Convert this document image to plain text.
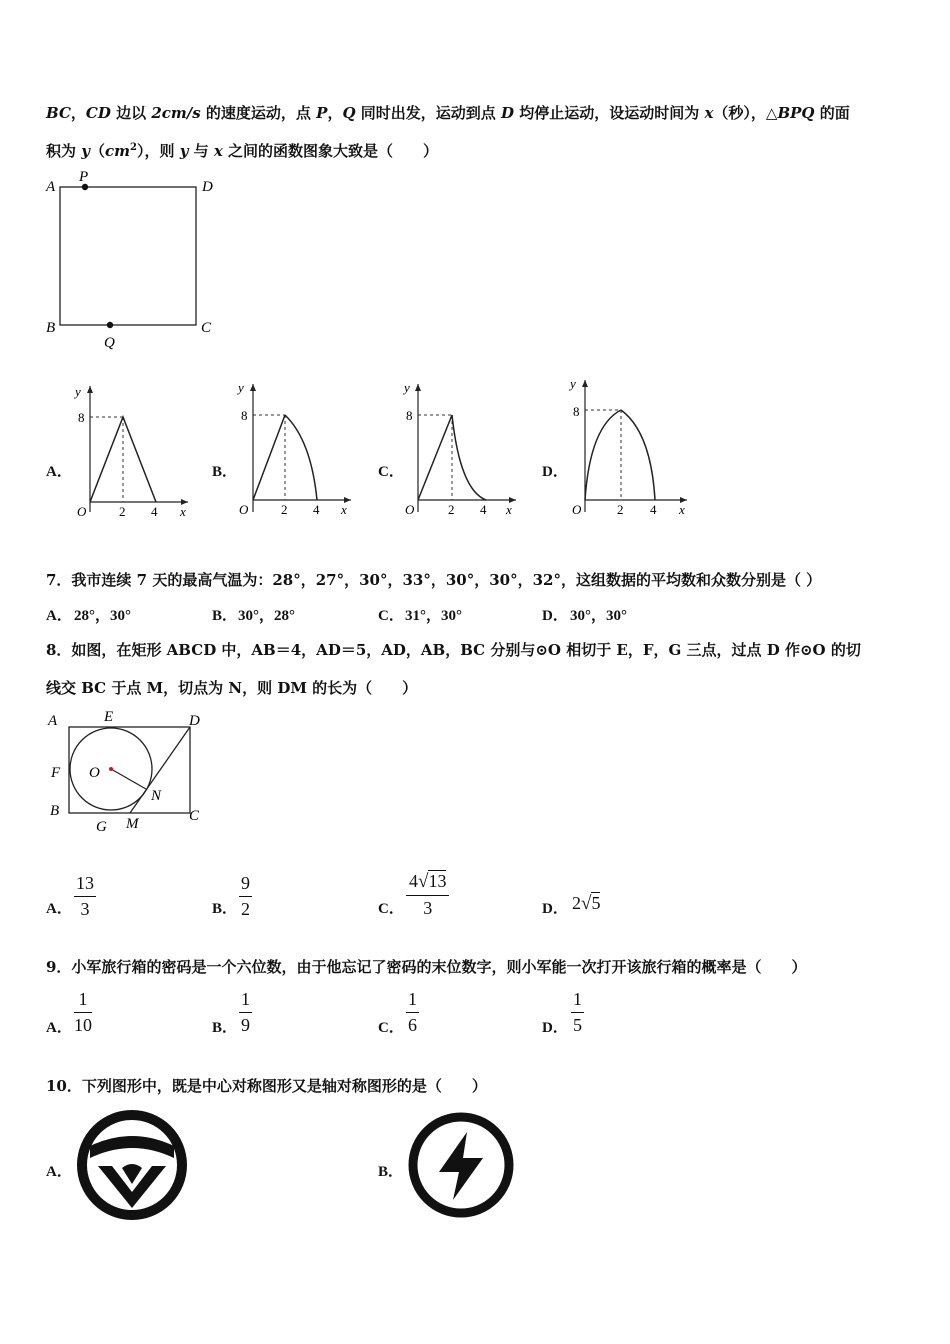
BC，CD 边以 2cm/s 的速度运动，点 P，Q 同时出发，运动到点 D 均停止运动，设运动时间为 x（秒），△BPQ 的面
积为 $y(cm^2)$，则 y 与 x 之间的函数图象大致是（　　）
A
P
D
B
Q
C
A．	B．	C．	D．
y
8
O	2 4 x
y
8
O	2 4 x
y
8
O	2 4 x
y
8
O	2 4 x
7．我市连续 7 天的最高气温为：28°，27°，30°，33°，30°，30°，32°，这组数据的平均数和众数分别是（ ）
A． 28°，30°	B． 30°，28°	C． 31°，30°	D． 30°，30°
8．如图，在矩形 ABCD 中，AB＝4，AD＝5，AD，AB，BC 分别与⊙O 相切于 E，F，G 三点，过点 D 作⊙O 的切
线交 BC 于点 M，切点为 N，则 DM 的长为（　　）
A	E	D
F O
N
B
G M	C
A． $\frac{13}{3}$	B． $\frac{9}{2}$	C． $\frac{4√13}{3}$	D． 2√5
9．小军旅行箱的密码是一个六位数，由于他忘记了密码的末位数字，则小军能一次打开该旅行箱的概率是（　　）
A． $\frac{1}{10}$	B． $\frac{1}{9}$	C． $\frac{1}{6}$	D． $\frac{1}{5}$
10．下列图形中，既是中心对称图形又是轴对称图形的是（　　）
A．	B．
